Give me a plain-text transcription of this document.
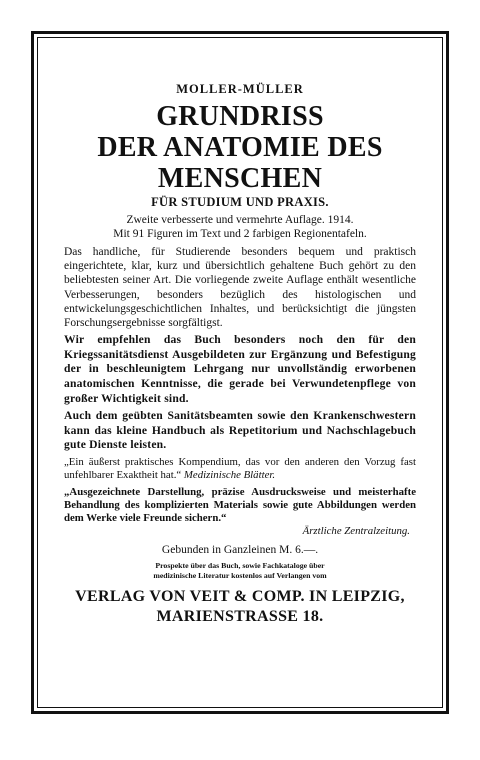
MOLLER-MÜLLER
GRUNDRISS
DER ANATOMIE DES
MENSCHEN
FÜR STUDIUM UND PRAXIS.
Zweite verbesserte und vermehrte Auflage. 1914.
Mit 91 Figuren im Text und 2 farbigen Regionentafeln.

Das handliche, für Studierende besonders bequem und praktisch eingerichtete, klar, kurz und übersichtlich gehaltene Buch gehört zu den beliebtesten seiner Art. Die vorliegende zweite Auflage enthält wesentliche Verbesserungen, besonders bezüglich des histologischen und entwickelungsgeschichtlichen Inhaltes, und berücksichtigt die jüngsten Forschungsergebnisse sorgfältigst.

Wir empfehlen das Buch besonders noch den für den Kriegssanitätsdienst Ausgebildeten zur Ergänzung und Befestigung der in beschleunigtem Lehrgang nur unvollständig erworbenen anatomischen Kenntnisse, die gerade bei Verwundetenpflege von großer Wichtigkeit sind.

Auch dem geübten Sanitätsbeamten sowie den Krankenschwestern kann das kleine Handbuch als Repetitorium und Nachschlagebuch gute Dienste leisten.

„Ein äußerst praktisches Kompendium, das vor den anderen den Vorzug fast unfehlbarer Exaktheit hat.“ Medizinische Blätter.

„Ausgezeichnete Darstellung, präzise Ausdrucksweise und meisterhafte Behandlung des komplizierten Materials sowie gute Abbildungen werden dem Werke viele Freunde sichern.“

Ärztliche Zentralzeitung.
Gebunden in Ganzleinen M. 6.—.
Prospekte über das Buch, sowie Fachkataloge über
medizinische Literatur kostenlos auf Verlangen vom
VERLAG VON VEIT & COMP. IN LEIPZIG,
MARIENSTRASSE 18.
